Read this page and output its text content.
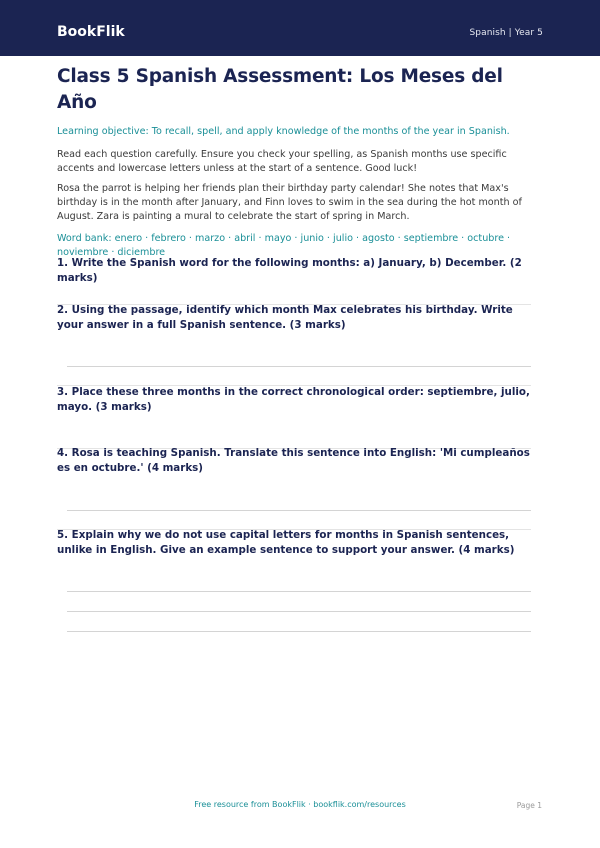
BookFlik	Spanish | Year 5
Class 5 Spanish Assessment: Los Meses del Año
Learning objective: To recall, spell, and apply knowledge of the months of the year in Spanish.
Read each question carefully. Ensure you check your spelling, as Spanish months use specific accents and lowercase letters unless at the start of a sentence. Good luck!
Rosa the parrot is helping her friends plan their birthday party calendar! She notes that Max's birthday is in the month after January, and Finn loves to swim in the sea during the hot month of August. Zara is painting a mural to celebrate the start of spring in March.
Word bank: enero · febrero · marzo · abril · mayo · junio · julio · agosto · septiembre · octubre · noviembre · diciembre
1. Write the Spanish word for the following months: a) January, b) December. (2 marks)
2. Using the passage, identify which month Max celebrates his birthday. Write your answer in a full Spanish sentence. (3 marks)
3. Place these three months in the correct chronological order: septiembre, julio, mayo. (3 marks)
4. Rosa is teaching Spanish. Translate this sentence into English: 'Mi cumpleaños es en octubre.' (4 marks)
5. Explain why we do not use capital letters for months in Spanish sentences, unlike in English. Give an example sentence to support your answer. (4 marks)
Free resource from BookFlik · bookflik.com/resources	Page 1
